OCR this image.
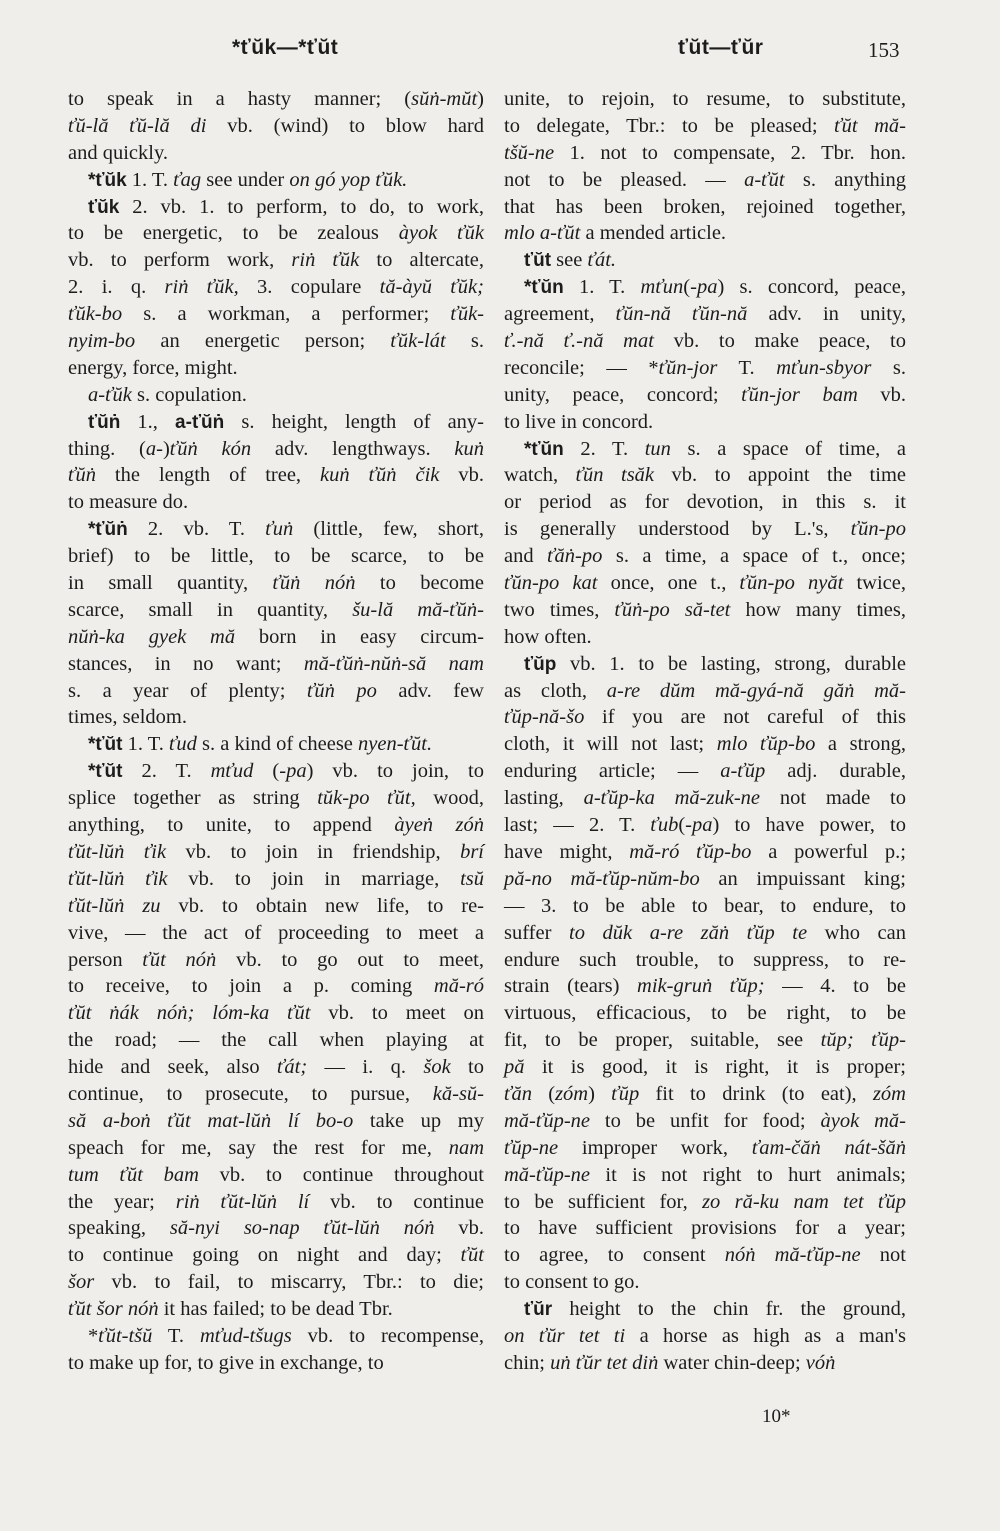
*ťŭk—*ťŭt	ťŭt—ťŭr	153
to speak in a hasty manner; (sŭṅ-mŭt)
ťŭ-lă ťŭ-lă di vb. (wind) to blow hard
and quickly.
*ťŭk 1. T. ťag see under on gó yop ťŭk.
ťŭk 2. vb. 1. to perform, to do, to work,
to be energetic, to be zealous àyok ťŭk
vb. to perform work, riṅ ťŭk to altercate,
2. i. q. riṅ ťŭk, 3. copulare tă-àyŭ ťŭk;
ťŭk-bo s. a workman, a performer; ťŭk-
nyim-bo an energetic person; ťŭk-lát s.
energy, force, might.
a-ťŭk s. copulation.
ťŭṅ 1., a-ťŭṅ s. height, length of any-
thing. (a-)ťŭṅ kón adv. lengthways. kuṅ
ťŭṅ the length of tree, kuṅ ťŭṅ čik vb.
to measure do.
*ťŭṅ 2. vb. T. ťuṅ (little, few, short,
brief) to be little, to be scarce, to be
in small quantity, ťŭṅ nóṅ to become
scarce, small in quantity, šu-lă mă-ťŭṅ-
nŭṅ-ka gyek mă born in easy circum-
stances, in no want; mă-ťŭṅ-nŭṅ-să nam
s. a year of plenty; ťŭṅ po adv. few
times, seldom.
*ťŭt 1. T. ťud s. a kind of cheese nyen-ťŭt.
*ťŭt 2. T. mťud (-pa) vb. to join, to
splice together as string tŭk-po ťŭt, wood,
anything, to unite, to append àyeṅ zóṅ
ťŭt-lŭṅ ťik vb. to join in friendship, brí
ťŭt-lŭṅ ťik vb. to join in marriage, tsŭ
ťŭt-lŭṅ zu vb. to obtain new life, to re-
vive, — the act of proceeding to meet a
person ťŭt nóṅ vb. to go out to meet,
to receive, to join a p. coming mă-ró
ťŭt ṅák nóṅ; lóm-ka ťŭt vb. to meet on
the road; — the call when playing at
hide and seek, also ťát; — i. q. šok to
continue, to prosecute, to pursue, kă-sŭ-
să a-boṅ ťŭt mat-lŭṅ lí bo-o take up my
speach for me, say the rest for me, nam
tum ťŭt bam vb. to continue throughout
the year; riṅ ťŭt-lŭṅ lí vb. to continue
speaking, să-nyi so-nap ťŭt-lŭṅ nóṅ vb.
to continue going on night and day; ťŭt
šor vb. to fail, to miscarry, Tbr.: to die;
ťŭt šor nóṅ it has failed; to be dead Tbr.
*ťŭt-tšŭ T. mťud-tšugs vb. to recompense,
to make up for, to give in exchange, to
unite, to rejoin, to resume, to substitute,
to delegate, Tbr.: to be pleased; ťŭt mă-
tšŭ-ne 1. not to compensate, 2. Tbr. hon.
not to be pleased. — a-ťŭt s. anything
that has been broken, rejoined together,
mlo a-ťŭt a mended article.
ťŭt see ťát.
*ťŭn 1. T. mťun(-pa) s. concord, peace,
agreement, ťŭn-nă ťŭn-nă adv. in unity,
ť.-nă ť.-nă mat vb. to make peace, to
reconcile; — *ťŭn-jor T. mťun-sbyor s.
unity, peace, concord; ťŭn-jor bam vb.
to live in concord.
*ťŭn 2. T. tun s. a space of time, a
watch, ťŭn tsăk vb. to appoint the time
or period as for devotion, in this s. it
is generally understood by L.'s, ťŭn-po
and ťăṅ-po s. a time, a space of t., once;
ťŭn-po kat once, one t., ťŭn-po nyăt twice,
two times, ťŭṅ-po să-tet how many times,
how often.
ťŭp vb. 1. to be lasting, strong, durable
as cloth, a-re dŭm mă-gyá-nă găṅ mă-
ťŭp-nă-šo if you are not careful of this
cloth, it will not last; mlo ťŭp-bo a strong,
enduring article; — a-ťŭp adj. durable,
lasting, a-ťŭp-ka mă-zuk-ne not made to
last; — 2. T. ťub(-pa) to have power, to
have might, mă-ró ťŭp-bo a powerful p.;
pă-no mă-ťŭp-nŭm-bo an impuissant king;
— 3. to be able to bear, to endure, to
suffer to dŭk a-re zăṅ ťŭp te who can
endure such trouble, to suppress, to re-
strain (tears) mik-gruṅ ťŭp; — 4. to be
virtuous, efficacious, to be right, to be
fit, to be proper, suitable, see tŭp; ťŭp-
pă it is good, it is right, it is proper;
ťăn (zóm) ťŭp fit to drink (to eat), zóm
mă-ťŭp-ne to be unfit for food; àyok mă-
ťŭp-ne improper work, ťam-čăṅ nát-šăṅ
mă-ťŭp-ne it is not right to hurt animals;
to be sufficient for, zo ră-ku nam tet ťŭp
to have sufficient provisions for a year;
to agree, to consent nóṅ mă-ťŭp-ne not
to consent to go.
ťŭr height to the chin fr. the ground,
on ťŭr tet ti a horse as high as a man's
chin; uṅ ťŭr tet diṅ water chin-deep; vóṅ
10*
